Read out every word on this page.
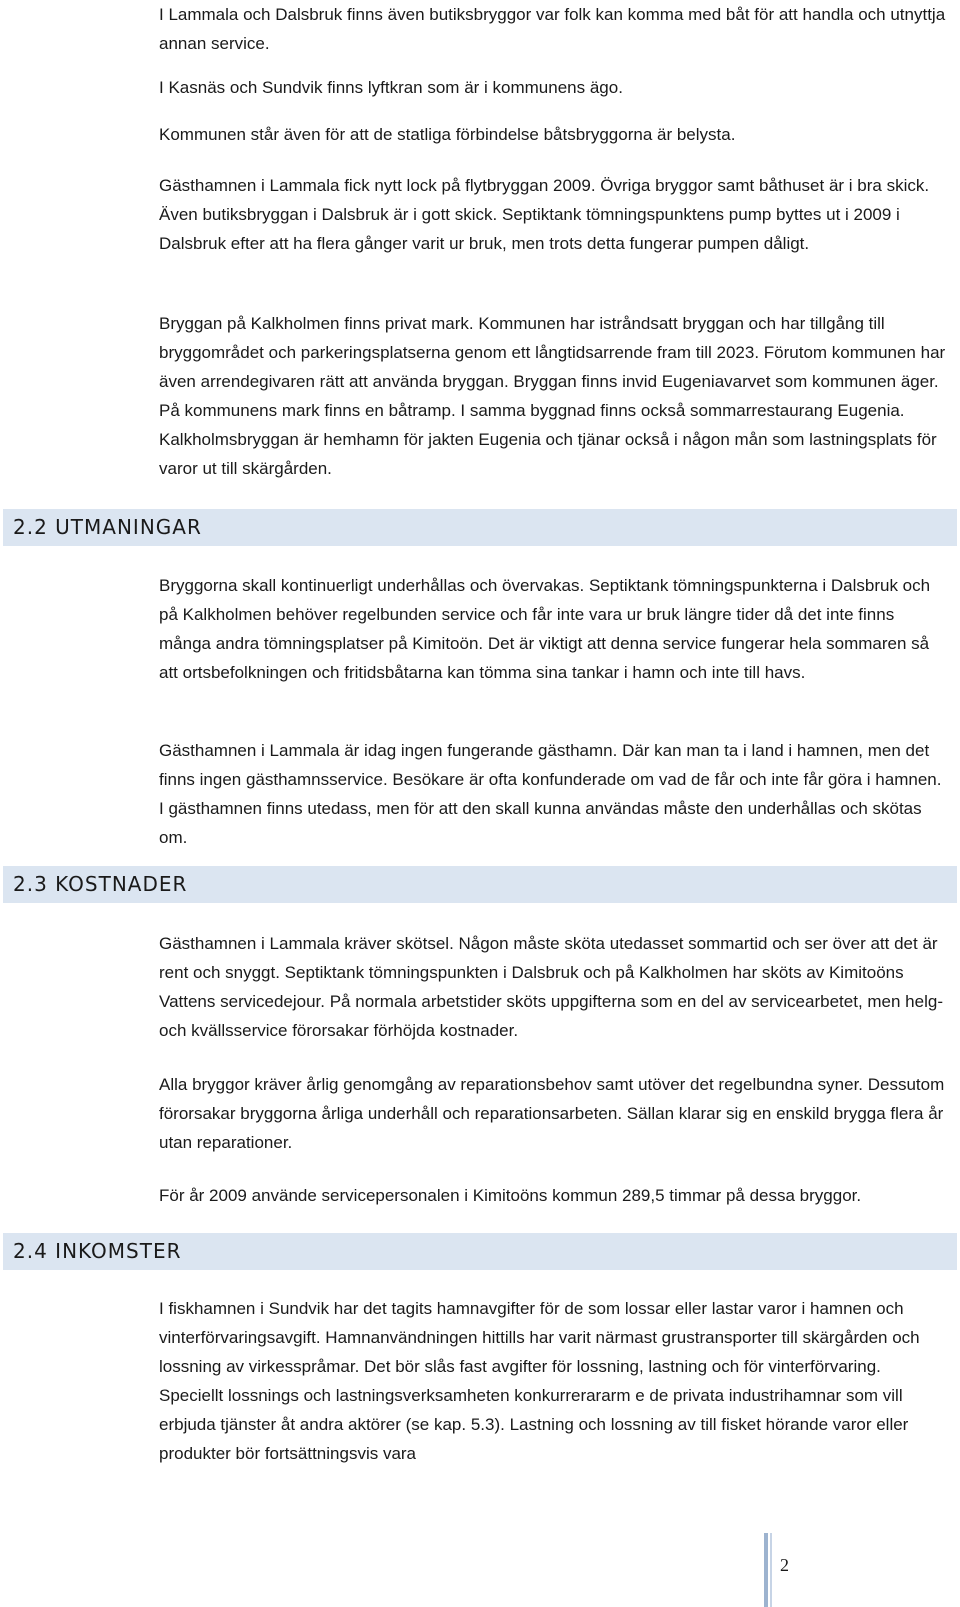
I Lammala och Dalsbruk finns även butiksbryggor var folk kan komma med båt för att handla och utnyttja annan service.

I Kasnäs och Sundvik finns lyftkran som är i kommunens ägo.

Kommunen står även för att de statliga förbindelse båtsbryggorna är belysta.

Gästhamnen i Lammala fick nytt lock på flytbryggan 2009. Övriga bryggor samt båthuset är i bra skick. Även butiksbryggan i Dalsbruk är i gott skick. Septiktank tömningspunktens pump byttes ut i 2009 i Dalsbruk efter att ha flera gånger varit ur bruk, men trots detta fungerar pumpen dåligt.

Bryggan på Kalkholmen finns privat mark. Kommunen har istråndsatt bryggan och har tillgång till bryggområdet och parkeringsplatserna genom ett långtidsarrende fram till 2023. Förutom kommunen har även arrendegivaren rätt att använda bryggan. Bryggan finns invid Eugeniavarvet som kommunen äger. På kommunens mark finns en båtramp. I samma byggnad finns också sommarrestaurang Eugenia. Kalkholmsbryggan är hemhamn för jakten Eugenia och tjänar också i någon mån som lastningsplats för varor ut till skärgården.

2.2 UTMANINGAR

Bryggorna skall kontinuerligt underhållas och övervakas. Septiktank tömningspunkterna i Dalsbruk och på Kalkholmen behöver regelbunden service och får inte vara ur bruk längre tider då det inte finns många andra tömningsplatser på Kimitoön. Det är viktigt att denna service fungerar hela sommaren så att ortsbefolkningen och fritidsbåtarna kan tömma sina tankar i hamn och inte till havs.

Gästhamnen i Lammala är idag ingen fungerande gästhamn. Där kan man ta i land i hamnen, men det finns ingen gästhamnsservice. Besökare är ofta konfunderade om vad de får och inte får göra i hamnen. I gästhamnen finns utedass, men för att den skall kunna användas måste den underhållas och skötas om.

2.3 KOSTNADER

Gästhamnen i Lammala kräver skötsel. Någon måste sköta utedasset sommartid och ser över att det är rent och snyggt. Septiktank tömningspunkten i Dalsbruk och på Kalkholmen har sköts av Kimitoöns Vattens servicedejour. På normala arbetstider sköts uppgifterna som en del av servicearbetet, men helg- och kvällsservice förorsakar förhöjda kostnader.

Alla bryggor kräver årlig genomgång av reparationsbehov samt utöver det regelbundna syner. Dessutom förorsakar bryggorna årliga underhåll och reparationsarbeten. Sällan klarar sig en enskild brygga flera år utan reparationer.

För år 2009 använde servicepersonalen i Kimitoöns kommun 289,5 timmar på dessa bryggor.

2.4 INKOMSTER

I fiskhamnen i Sundvik har det tagits hamnavgifter för de som lossar eller lastar varor i hamnen och vinterförvaringsavgift. Hamnanvändningen hittills har varit närmast grustransporter till skärgården och lossning av virkesspråmar. Det bör slås fast avgifter för lossning, lastning och för vinterförvaring. Speciellt lossnings och lastningsverksamheten konkurrerararm e de privata industrihamnar som vill erbjuda tjänster åt andra aktörer (se kap. 5.3). Lastning och lossning av till fisket hörande varor eller produkter bör fortsättningsvis vara

2
